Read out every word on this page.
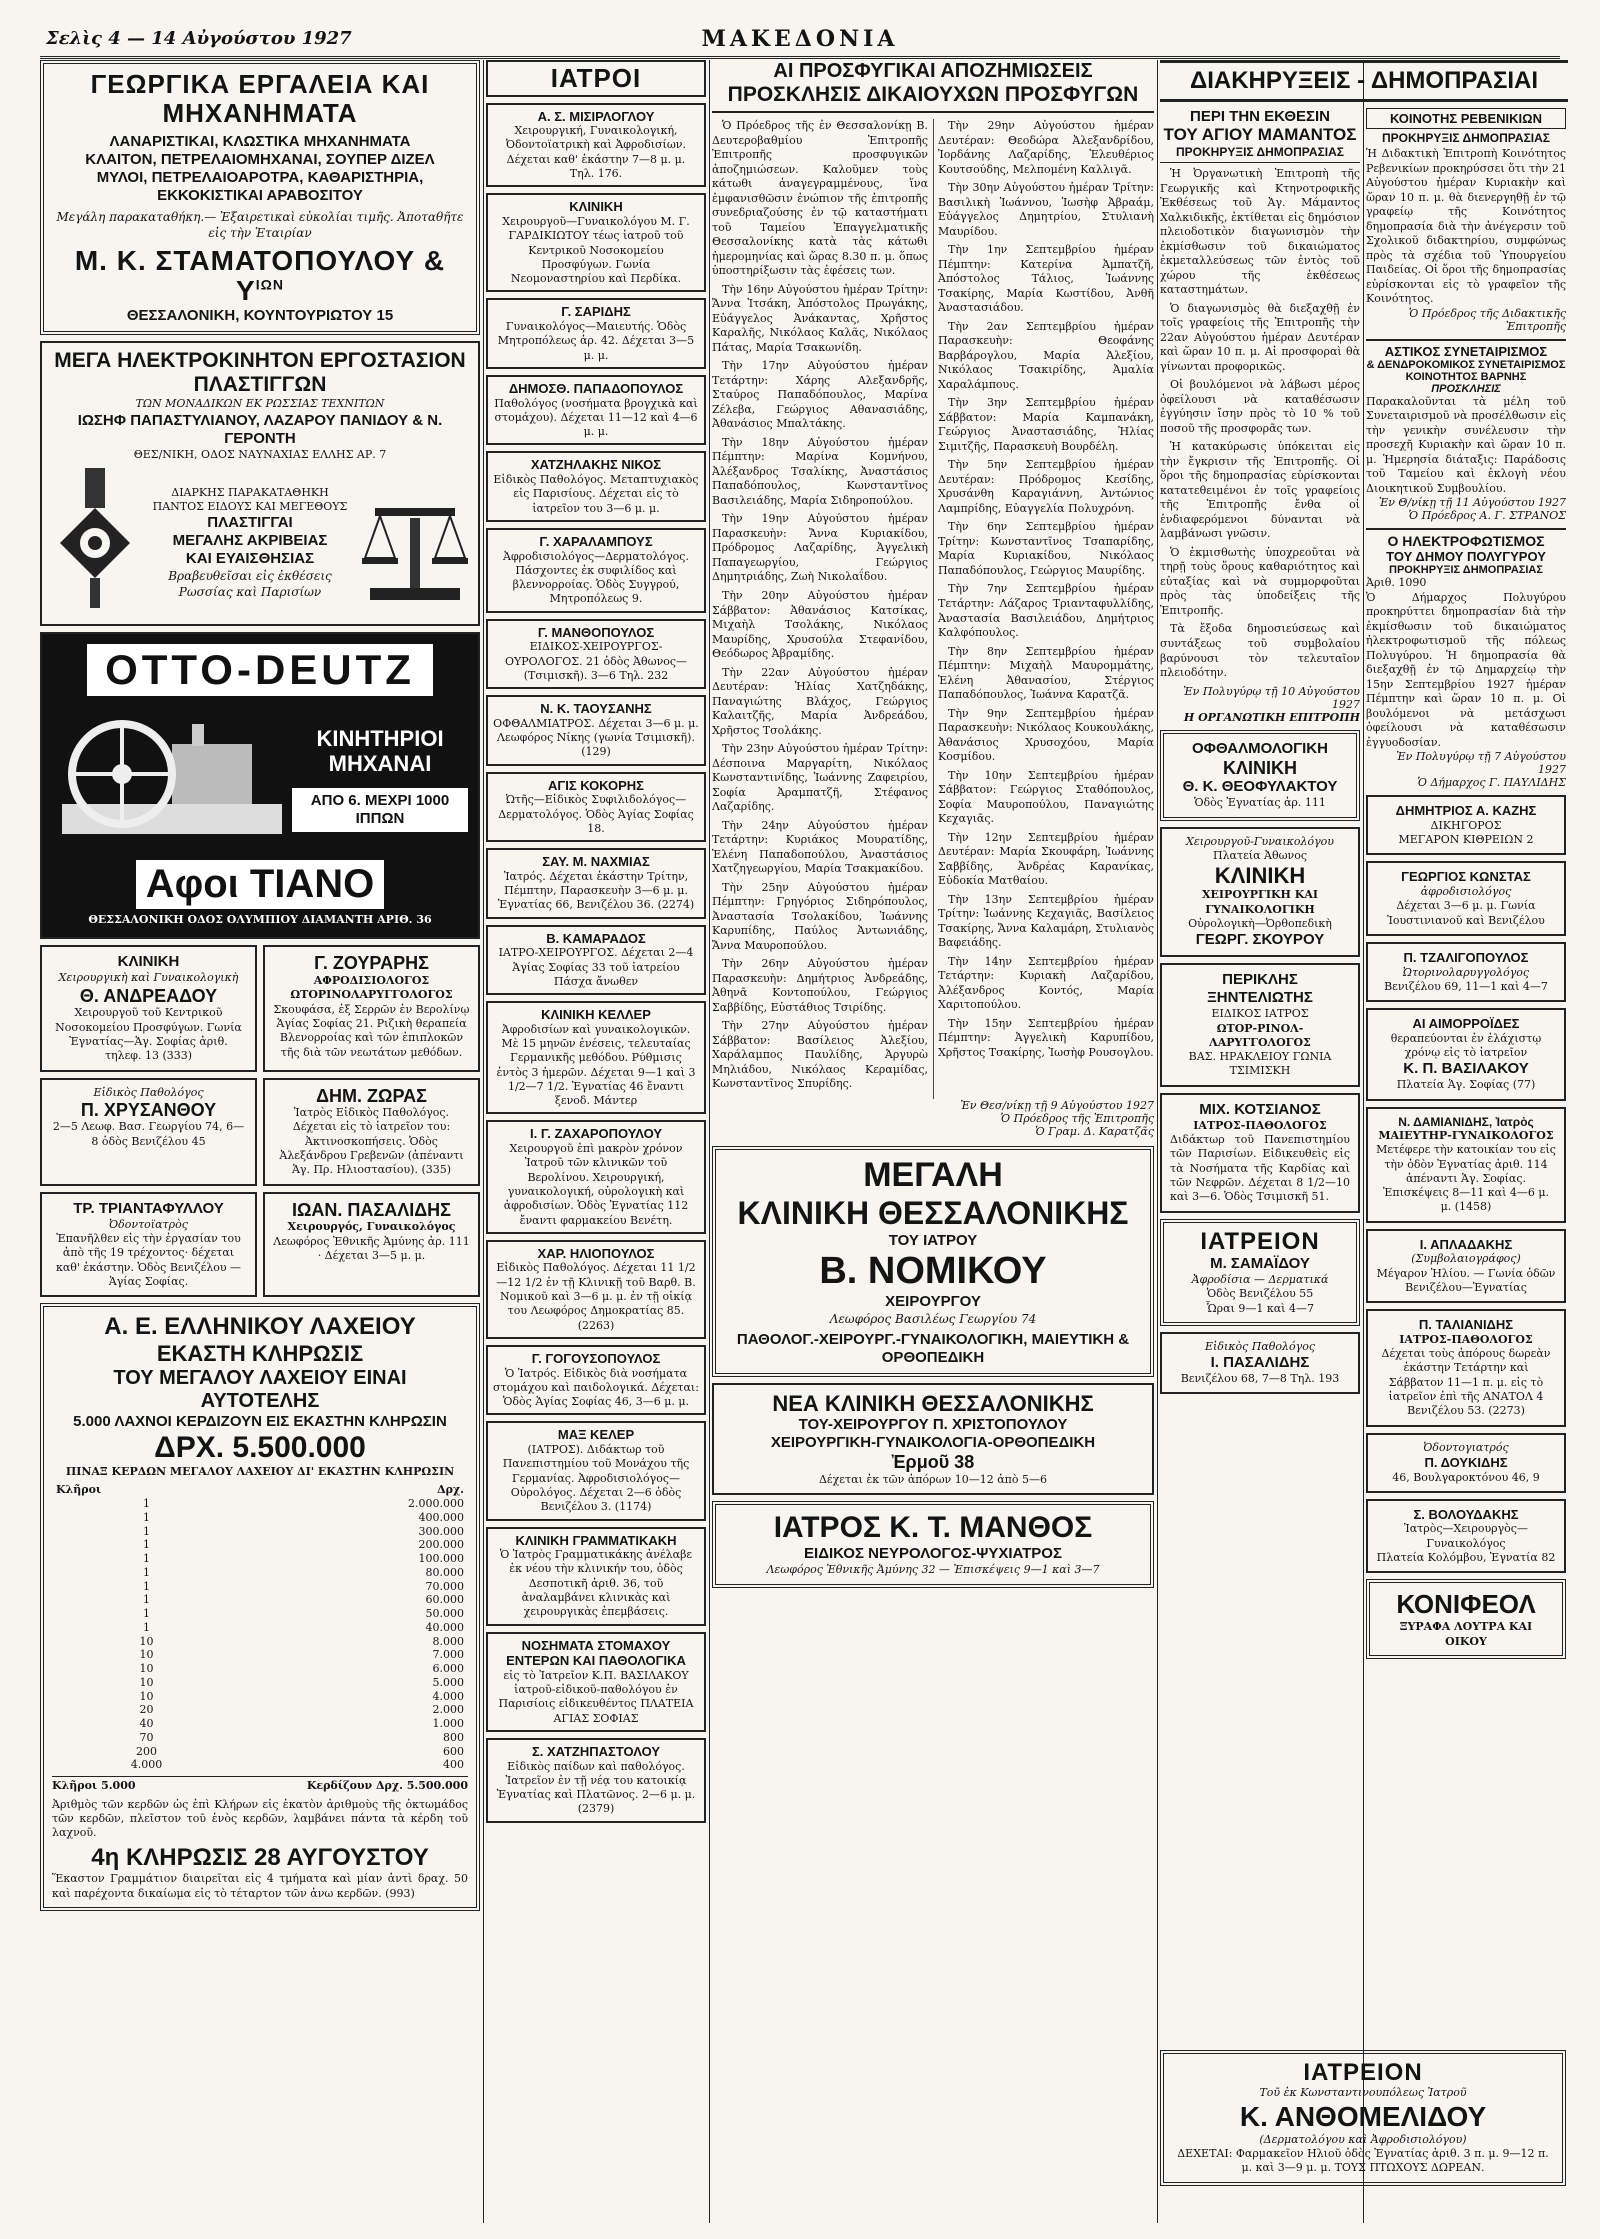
Σελὶς 4 — 14 Αὐγούστου 1927	ΜΑΚΕΔΟΝΙΑ
ΓΕΩΡΓΙΚΑ ΕΡΓΑΛΕΙΑ ΚΑΙ ΜΗΧΑΝΗΜΑΤΑ
ΛΑΝΑΡΙΣΤΙΚΑΙ, ΚΛΩΣΤΙΚΑ ΜΗΧΑΝΗΜΑΤΑ
ΚΛΑΙΤΟΝ, ΠΕΤΡΕΛΑΙΟΜΗΧΑΝΑΙ, ΣΟΥΠΕΡ ΔΙΖΕΛ
ΜΥΛΟΙ, ΠΕΤΡΕΛΑΙΟΑΡΟΤΡΑ, ΚΑΘΑΡΙΣΤΗΡΙΑ,
ΕΚΚΟΚΙΣΤΙΚΑΙ ΑΡΑΒΟΣΙΤΟΥ
Μεγάλη παρακαταθήκη.— Ἐξαιρετικαὶ εὐκολίαι τιμῆς. Ἀποταθῆτε εἰς τὴν Ἑταιρίαν
Μ. Κ. ΣΤΑΜΑΤΟΠΟΥΛΟΥ & $\Upsilon^{I\Omega N}$
ΘΕΣΣΑΛΟΝΙΚΗ, ΚΟΥΝΤΟΥΡΙΩΤΟΥ 15
ΜΕΓΑ ΗΛΕΚΤΡΟΚΙΝΗΤΟΝ ΕΡΓΟΣΤΑΣΙΟΝ ΠΛΑΣΤΙΓΓΩΝ
ΤΩΝ ΜΟΝΑΔΙΚΩΝ ΕΚ ΡΩΣΣΙΑΣ ΤΕΧΝΙΤΩΝ
ΙΩΣΗΦ ΠΑΠΑΣΤΥΛΙΑΝΟΥ, ΛΑΖΑΡΟΥ ΠΑΝΙΔΟΥ & Ν. ΓΕΡΟΝΤΗ
ΘΕΣ/ΝΙΚΗ, ΟΔΟΣ ΝΑΥΝΑΧΙΑΣ ΕΛΛΗΣ ΑΡ. 7
ΔΙΑΡΚΗΣ ΠΑΡΑΚΑΤΑΘΗΚΗ
ΠΑΝΤΟΣ ΕΙΔΟΥΣ ΚΑΙ ΜΕΓΕΘΟΥΣ
ΠΛΑΣΤΙΓΓΑΙ
ΜΕΓΑΛΗΣ ΑΚΡΙΒΕΙΑΣ
ΚΑΙ ΕΥΑΙΣΘΗΣΙΑΣ
Βραβευθεῖσαι εἰς ἐκθέσεις Ρωσσίας καὶ Παρισίων
OTTO-DEUTZ
ΚΙΝΗΤΗΡΙΟΙ
ΜΗΧΑΝΑΙ
ΑΠΟ 6. ΜΕΧΡΙ 1000 ΙΠΠΩΝ
Αφοι ΤΙΑΝΟ
ΘΕΣΣΑΛΟΝΙΚΗ ΟΔΟΣ ΟΛΥΜΠΙΟΥ ΔΙΑΜΑΝΤΗ ΑΡΙΘ. 36
ΚΛΙΝΙΚΗ
Χειρουργικὴ καὶ Γυναικολογικὴ
Θ. ΑΝΔΡΕΑΔΟΥ
Χειρουργοῦ τοῦ Κεντρικοῦ Νοσοκομείου Προσφύγων. Γωνία Ἐγνατίας—Ἁγ. Σοφίας ἀριθ. τηλεφ. 13 (333)
Γ. ΖΟΥΡΑΡΗΣ
ΑΦΡΟΔΙΣΙΟΛΟΓΟΣ ΩΤΟΡΙΝΟΛΑΡΥΓΓΟΛΟΓΟΣ
Σκουφάσα, ἐξ Σερρῶν ἐν Βερολίνῳ Ἁγίας Σοφίας 21. Ριζικὴ θεραπεία Βλενορροίας καὶ τῶν ἐπιπλοκῶν τῆς διὰ τῶν νεωτάτων μεθόδων.
Εἰδικὸς Παθολόγος
Π. ΧΡΥΣΑΝΘΟΥ
2—5 Λεωφ. Βασ. Γεωργίου 74, 6—8 ὁδὸς Βενιζέλου 45
ΔΗΜ. ΖΩΡΑΣ
Ἰατρὸς Εἰδικὸς Παθολόγος. Δέχεται εἰς τὸ ἰατρεῖον του: Ἀκτινοσκοπήσεις. Ὁδὸς Ἀλεξάνδρου Γρεβενῶν (ἀπέναντι Ἁγ. Πρ. Ηλιοστασίου). (335)
ΤΡ. ΤΡΙΑΝΤΑΦΥΛΛΟΥ
Ὀδοντοϊατρὸς
Ἐπανῆλθεν εἰς τὴν ἐργασίαν του ἀπὸ τῆς 19 τρέχοντος· δέχεται καθ' ἑκάστην. Ὁδὸς Βενιζέλου — Ἁγίας Σοφίας.
ΙΩΑΝ. ΠΑΣΑΛΙΔΗΣ
Χειρουργός, Γυναικολόγος
Λεωφόρος Ἐθνικῆς Ἀμύνης ἀρ. 111 · Δέχεται 3—5 μ. μ.
Α. Ε. ΕΛΛΗΝΙΚΟΥ ΛΑΧΕΙΟΥ
ΕΚΑΣΤΗ ΚΛΗΡΩΣΙΣ
ΤΟΥ ΜΕΓΑΛΟΥ ΛΑΧΕΙΟΥ ΕΙΝΑΙ ΑΥΤΟΤΕΛΗΣ
5.000 ΛΑΧΝΟΙ ΚΕΡΔΙΖΟΥΝ ΕΙΣ ΕΚΑΣΤΗΝ ΚΛΗΡΩΣΙΝ
ΔΡΧ. 5.500.000
ΠΙΝΑΞ ΚΕΡΔΩΝ ΜΕΓΑΛΟΥ ΛΑΧΕΙΟΥ ΔΙ' ΕΚΑΣΤΗΝ ΚΛΗΡΩΣΙΝ
Κλῆροι	Δρχ.
1	2.000.000
1	400.000
1	300.000
1	200.000
1	100.000
1	80.000
1	70.000
1	60.000
1	50.000
1	40.000
10	8.000
10	7.000
10	6.000
10	5.000
10	4.000
20	2.000
40	1.000
70	800
200	600
4.000	400
Κλῆροι 5.000	Κερδίζουν Δρχ. 5.500.000
Ἀριθμὸς τῶν κερδῶν ὡς ἐπὶ Κλήρων εἰς ἑκατὸν ἀριθμοὺς τῆς ὀκτωμάδος τῶν κερδῶν, πλεῖστον τοῦ ἑνὸς κερδῶν, λαμβάνει πάντα τὰ κέρδη τοῦ λαχνοῦ.
4η ΚΛΗΡΩΣΙΣ 28 ΑΥΓΟΥΣΤΟΥ
Ἕκαστον Γραμμάτιον διαιρεῖται εἰς 4 τμήματα καὶ μίαν ἀντὶ δραχ. 50 καὶ παρέχοντα δικαίωμα εἰς τὸ τέταρτον τῶν ἀνω κερδῶν. (993)
ΙΑΤΡΟΙ
Α. Σ. ΜΙΣΙΡΛΟΓΛΟΥ
Χειρουργική, Γυναικολογική, Ὀδοντοϊατρικὴ καὶ Ἀφροδισίων. Δέχεται καθ' ἑκάστην 7—8 μ. μ. Τηλ. 176.
ΚΛΙΝΙΚΗ
Χειρουργοῦ—Γυναικολόγου Μ. Γ. ΓΑΡΔΙΚΙΩΤΟΥ τέως ἰατροῦ τοῦ Κεντρικοῦ Νοσοκομείου Προσφύγων. Γωνία Νεομοναστηρίου καὶ Περδίκα.
Γ. ΣΑΡΙΔΗΣ
Γυναικολόγος—Μαιευτής. Ὁδὸς Μητροπόλεως ἀρ. 42. Δέχεται 3—5 μ. μ.
ΔΗΜΟΣΘ. ΠΑΠΑΔΟΠΟΥΛΟΣ
Παθολόγος (νοσήματα βρογχικὰ καὶ στομάχου). Δέχεται 11—12 καὶ 4—6 μ. μ.
ΧΑΤΖΗΛΑΚΗΣ ΝΙΚΟΣ
Εἰδικὸς Παθολόγος. Μεταπτυχιακὸς εἰς Παρισίους. Δέχεται εἰς τὸ ἰατρεῖον του 3—6 μ. μ.
Γ. ΧΑΡΑΛΑΜΠΟΥΣ
Ἀφροδισιολόγος—Δερματολόγος. Πάσχοντες ἐκ συφιλίδος καὶ βλεννορροίας. Ὁδὸς Συγγρού, Μητροπόλεως 9.
Γ. ΜΑΝΘΟΠΟΥΛΟΣ
ΕΙΔΙΚΟΣ-ΧΕΙΡΟΥΡΓΟΣ-ΟΥΡΟΛΟΓΟΣ. 21 ὁδὸς Ἀθωνος—(Τσιμισκῆ). 3—6 Τηλ. 232
Ν. Κ. ΤΑΟΥΣΑΝΗΣ
ΟΦΘΑΛΜΙΑΤΡΟΣ. Δέχεται 3—6 μ. μ. Λεωφόρος Νίκης (γωνία Τσιμισκῆ). (129)
ΑΓΙΣ ΚΟΚΟΡΗΣ
Ὠτῆς—Εἰδικὸς Συφιλιδολόγος—Δερματολόγος. Ὁδὸς Ἁγίας Σοφίας 18.
ΣΑΥ. Μ. ΝΑΧΜΙΑΣ
Ἰατρός. Δέχεται ἑκάστην Τρίτην, Πέμπτην, Παρασκευὴν 3—6 μ. μ. Ἐγνατίας 66, Βενιζέλου 36. (2274)
Β. ΚΑΜΑΡΑΔΟΣ
ΙΑΤΡΟ-ΧΕΙΡΟΥΡΓΟΣ. Δέχεται 2—4 Ἁγίας Σοφίας 33 τοῦ ἰατρείου Πάσχα ἄνωθεν
ΚΛΙΝΙΚΗ ΚΕΛΛΕΡ
Ἀφροδισίων καὶ γυναικολογικῶν. Μὲ 15 μηνῶν ἐνέσεις, τελευταίας Γερμανικῆς μεθόδου. Ρύθμισις ἐντὸς 3 ἡμερῶν. Δέχεται 9—1 καὶ 3 1/2—7 1/2. Ἐγνατίας 46 ἔναντι ξενοδ. Μάντερ
Ι. Γ. ΖΑΧΑΡΟΠΟΥΛΟΥ
Χειρουργοῦ ἐπὶ μακρὸν χρόνον Ἰατροῦ τῶν κλινικῶν τοῦ Βερολίνου. Χειρουργική, γυναικολογική, οὐρολογικὴ καὶ ἀφροδισίων. Ὁδὸς Ἐγνατίας 112 ἔναντι φαρμακείου Βενέτη.
ΧΑΡ. ΗΛΙΟΠΟΥΛΟΣ
Εἰδικὸς Παθολόγος. Δέχεται 11 1/2—12 1/2 ἐν τῇ Κλινικῇ τοῦ Βαρθ. Β. Νομικοῦ καὶ 3—6 μ. μ. ἐν τῇ οἰκίᾳ του Λεωφόρος Δημοκρατίας 85. (2263)
Γ. ΓΟΓΟΥΣΟΠΟΥΛΟΣ
Ὁ Ἰατρός. Εἰδικὸς διὰ νοσήματα στομάχου καὶ παιδολογικά. Δέχεται: Ὁδὸς Ἁγίας Σοφίας 46, 3—6 μ. μ.
ΜΑΞ ΚΕΛΕΡ
(ΙΑΤΡΟΣ). Διδάκτωρ τοῦ Πανεπιστημίου τοῦ Μονάχου τῆς Γερμανίας. Ἀφροδισιολόγος—Οὐρολόγος. Δέχεται 2—6 ὁδὸς Βενιζέλου 3. (1174)
ΚΛΙΝΙΚΗ ΓΡΑΜΜΑΤΙΚΑΚΗ
Ὁ Ἰατρὸς Γραμματικάκης ἀνέλαβε ἐκ νέου τὴν κλινικήν του, ὁδὸς Δεσποτικῆ ἀριθ. 36, τοῦ ἀναλαμβάνει κλινικὰς καὶ χειρουργικὰς ἐπεμβάσεις.
ΝΟΣΗΜΑΤΑ ΣΤΟΜΑΧΟΥ ΕΝΤΕΡΩΝ ΚΑΙ ΠΑΘΟΛΟΓΙΚΑ
εἰς τὸ Ἰατρεῖον Κ.Π. ΒΑΣΙΛΑΚΟΥ ἰατροῦ-εἰδικοῦ-παθολόγου ἐν Παρισίοις εἰδικευθέντος ΠΛΑΤΕΙΑ ΑΓΙΑΣ ΣΟΦΙΑΣ
Σ. ΧΑΤΖΗΠΑΣΤΟΛΟΥ
Εἰδικὸς παίδων καὶ παθολόγος. Ἰατρεῖον ἐν τῇ νέᾳ του κατοικίᾳ Ἐγνατίας καὶ Πλατῶνος. 2—6 μ. μ. (2379)
ΑΙ ΠΡΟΣΦΥΓΙΚΑΙ ΑΠΟΖΗΜΙΩΣΕΙΣ
ΠΡΟΣΚΛΗΣΙΣ ΔΙΚΑΙΟΥΧΩΝ ΠΡΟΣΦΥΓΩΝ

Ὁ Πρόεδρος τῆς ἐν Θεσσαλονίκῃ Β. Δευτεροβαθμίου Ἐπιτροπῆς Ἐπιτροπῆς προσφυγικῶν ἀποζημιώσεων. Καλοῦμεν τοὺς κάτωθι ἀναγεγραμμένους, ἵνα ἐμφανισθῶσιν ἐνώπιον τῆς ἐπιτροπῆς συνεδριαζούσης ἐν τῷ καταστήματι τοῦ Ταμείου Ἐπαγγελματικῆς Θεσσαλονίκης κατὰ τὰς κάτωθι ἡμερομηνίας καὶ ὥρας 8.30 π. μ. ὅπως ὑποστηρίξωσιν τὰς ἐφέσεις των.

Τὴν 16ην Αὐγούστου ἡμέραν Τρίτην: Ἄννα Ἰτσάκη, Ἀπόστολος Πρωγάκης, Εὐάγγελος Ἀνάκαντας, Χρῆστος Καραλῆς, Νικόλαος Καλᾶς, Νικόλαος Πάτας, Μαρία Τσακωνίδη.

Τὴν 17ην Αὐγούστου ἡμέραν Τετάρτην: Χάρης Αλεξανδρῆς, Σταύρος Παπαδόπουλος, Μαρίνα Ζέλεβα, Γεώργιος Αθανασιάδης, Ἀθανάσιος Μπαλτάκης.

Τὴν 18ην Αὐγούστου ἡμέραν Πέμπτην: Μαρίνα Κομνήνου, Ἀλέξανδρος Τσαλίκης, Ἀναστάσιος Παπαδόπουλος, Κωνσταντῖνος Βασιλειάδης, Μαρία Σιδηροπούλου.

Τὴν 19ην Αὐγούστου ἡμέραν Παρασκευὴν: Ἄννα Κυριακίδου, Πρόδρομος Λαζαρίδης, Ἀγγελικὴ Παπαγεωργίου, Γεώργιος Δημητριάδης, Ζωὴ Νικολαΐδου.

Τὴν 20ην Αὐγούστου ἡμέραν Σάββατον: Ἀθανάσιος Κατσίκας, Μιχαὴλ Τσολάκης, Νικόλαος Μαυρίδης, Χρυσούλα Στεφανίδου, Θεόδωρος Ἀβραμίδης.

Τὴν 22αν Αὐγούστου ἡμέραν Δευτέραν: Ἠλίας Χατζηδάκης, Παναγιώτης Βλάχος, Γεώργιος Καλαιτζῆς, Μαρία Ἀνδρεάδου, Χρῆστος Τσολάκης.

Τὴν 23ην Αὐγούστου ἡμέραν Τρίτην: Δέσποινα Μαργαρίτη, Νικόλαος Κωνσταντινίδης, Ἰωάννης Ζαφειρίου, Σοφία Ἀραμπατζῆ, Στέφανος Λαζαρίδης.

Τὴν 24ην Αὐγούστου ἡμέραν Τετάρτην: Κυριάκος Μουρατίδης, Ἑλένη Παπαδοπούλου, Ἀναστάσιος Χατζηγεωργίου, Μαρία Τσακμακίδου.

Τὴν 25ην Αὐγούστου ἡμέραν Πέμπτην: Γρηγόριος Σιδηρόπουλος, Ἀναστασία Τσολακίδου, Ἰωάννης Καρυπίδης, Παύλος Ἀντωνιάδης, Ἄννα Μαυροπούλου.

Τὴν 26ην Αὐγούστου ἡμέραν Παρασκευὴν: Δημήτριος Ἀνδρεάδης, Ἀθηνᾶ Κοντοπούλου, Γεώργιος Σαββίδης, Εὐστάθιος Τσιρίδης.

Τὴν 27ην Αὐγούστου ἡμέραν Σάββατον: Βασίλειος Ἀλεξίου, Χαράλαμπος Παυλίδης, Ἀργυρὼ Μηλιάδου, Νικόλαος Κεραμίδας, Κωνσταντῖνος Σπυρίδης.

Τὴν 29ην Αὐγούστου ἡμέραν Δευτέραν: Θεοδώρα Ἀλεξανδρίδου, Ἰορδάνης Λαζαρίδης, Ἐλευθέριος Κουτσούδης, Μελπομένη Καλλιγᾶ.

Τὴν 30ην Αὐγούστου ἡμέραν Τρίτην: Βασιλικὴ Ἰωάννου, Ἰωσὴφ Ἀβραάμ, Εὐάγγελος Δημητρίου, Στυλιανὴ Μαυρίδου.

Τὴν 1ην Σεπτεμβρίου ἡμέραν Πέμπτην: Κατερίνα Ἀμπατζῆ, Ἀπόστολος Τάλιος, Ἰωάννης Τσακίρης, Μαρία Κωστίδου, Ἀνθῆ Ἀναστασιάδου.

Τὴν 2αν Σεπτεμβρίου ἡμέραν Παρασκευὴν: Θεοφάνης Βαρβάρογλου, Μαρία Ἀλεξίου, Νικόλαος Τσακιρίδης, Ἀμαλία Χαραλάμπους.

Τὴν 3ην Σεπτεμβρίου ἡμέραν Σάββατον: Μαρία Καμπανάκη, Γεώργιος Ἀναστασιάδης, Ἠλίας Σιμιτζῆς, Παρασκευὴ Βουρδέλη.

Τὴν 5ην Σεπτεμβρίου ἡμέραν Δευτέραν: Πρόδρομος Κεσίδης, Χρυσάνθη Καραγιάννη, Ἀντώνιος Λαμπρίδης, Εὐαγγελία Πολυχρόνη.

Τὴν 6ην Σεπτεμβρίου ἡμέραν Τρίτην: Κωνσταντῖνος Τσαπαρίδης, Μαρία Κυριακίδου, Νικόλαος Παπαδόπουλος, Γεώργιος Μαυρίδης.

Τὴν 7ην Σεπτεμβρίου ἡμέραν Τετάρτην: Λάζαρος Τριανταφυλλίδης, Ἀναστασία Βασιλειάδου, Δημήτριος Καλφόπουλος.

Τὴν 8ην Σεπτεμβρίου ἡμέραν Πέμπτην: Μιχαὴλ Μαυρομμάτης, Ἑλένη Ἀθανασίου, Στέργιος Παπαδόπουλος, Ἰωάννα Καρατζᾶ.

Τὴν 9ην Σεπτεμβρίου ἡμέραν Παρασκευὴν: Νικόλαος Κουκουλάκης, Ἀθανάσιος Χρυσοχόου, Μαρία Κοσμίδου.

Τὴν 10ην Σεπτεμβρίου ἡμέραν Σάββατον: Γεώργιος Σταθόπουλος, Σοφία Μαυροπούλου, Παναγιώτης Κεχαγιᾶς.

Τὴν 12ην Σεπτεμβρίου ἡμέραν Δευτέραν: Μαρία Σκουφάρη, Ἰωάννης Σαββίδης, Ἀνδρέας Καρανίκας, Εὐδοκία Ματθαίου.

Τὴν 13ην Σεπτεμβρίου ἡμέραν Τρίτην: Ἰωάννης Κεχαγιᾶς, Βασίλειος Τσακίρης, Ἄννα Καλαμάρη, Στυλιανὸς Βαφειάδης.

Τὴν 14ην Σεπτεμβρίου ἡμέραν Τετάρτην: Κυριακὴ Λαζαρίδου, Ἀλέξανδρος Κοντός, Μαρία Χαριτοπούλου.

Τὴν 15ην Σεπτεμβρίου ἡμέραν Πέμπτην: Ἀγγελικὴ Καρυπίδου, Χρῆστος Τσακίρης, Ἰωσὴφ Ρουσογλου.

Ἐν Θεσ/νίκῃ τῇ 9 Αὐγούστου 1927
Ὁ Πρόεδρος τῆς Ἐπιτροπῆς
Ὁ Γραμ. Δ. Καρατζᾶς
ΜΕΓΑΛΗ
ΚΛΙΝΙΚΗ ΘΕΣΣΑΛΟΝΙΚΗΣ
ΤΟΥ ΙΑΤΡΟΥ
Β. ΝΟΜΙΚΟΥ
ΧΕΙΡΟΥΡΓΟΥ
Λεωφόρος Βασιλέως Γεωργίου 74
ΠΑΘΟΛΟΓ.-ΧΕΙΡΟΥΡΓ.-ΓΥΝΑΙΚΟΛΟΓΙΚΗ, ΜΑΙΕΥΤΙΚΗ & ΟΡΘΟΠΕΔΙΚΗ
ΝΕΑ ΚΛΙΝΙΚΗ ΘΕΣΣΑΛΟΝΙΚΗΣ
ΤΟΥ-ΧΕΙΡΟΥΡΓΟΥ Π. ΧΡΙΣΤΟΠΟΥΛΟΥ
ΧΕΙΡΟΥΡΓΙΚΗ-ΓΥΝΑΙΚΟΛΟΓΙΑ-ΟΡΘΟΠΕΔΙΚΗ
Ἐρμοῦ 38
Δέχεται ἐκ τῶν ἀπόρων 10—12 ἀπὸ 5—6
ΙΑΤΡΟΣ Κ. Τ. ΜΑΝΘΟΣ
ΕΙΔΙΚΟΣ ΝΕΥΡΟΛΟΓΟΣ-ΨΥΧΙΑΤΡΟΣ
Λεωφόρος Ἐθνικῆς Ἀμύνης 32 — Ἐπισκέψεις 9—1 καὶ 3—7
ΔΙΑΚΗΡΥΞΕΙΣ - ΔΗΜΟΠΡΑΣΙΑΙ
ΠΕΡΙ ΤΗΝ ΕΚΘΕΣΙΝ
ΤΟΥ ΑΓΙΟΥ ΜΑΜΑΝΤΟΣ
ΠΡΟΚΗΡΥΞΙΣ ΔΗΜΟΠΡΑΣΙΑΣ

Ἡ Ὀργανωτικὴ Ἐπιτροπὴ τῆς Γεωργικῆς καὶ Κτηνοτροφικῆς Ἐκθέσεως τοῦ Ἁγ. Μάμαντος Χαλκιδικῆς, ἐκτίθεται εἰς δημόσιον πλειοδοτικὸν διαγωνισμὸν τὴν ἐκμίσθωσιν τοῦ δικαιώματος ἐκμεταλλεύσεως τῶν ἐντὸς τοῦ χώρου τῆς ἐκθέσεως καταστημάτων.

Ὁ διαγωνισμὸς θὰ διεξαχθῇ ἐν τοῖς γραφείοις τῆς Ἐπιτροπῆς τὴν 22αν Αὐγούστου ἡμέραν Δευτέραν καὶ ὥραν 10 π. μ. Αἱ προσφοραὶ θὰ γίνωνται προφορικῶς.

Οἱ βουλόμενοι νὰ λάβωσι μέρος ὀφείλουσι νὰ καταθέσωσιν ἐγγύησιν ἴσην πρὸς τὸ 10 % τοῦ ποσοῦ τῆς προσφορᾶς των.

Ἡ κατακύρωσις ὑπόκειται εἰς τὴν ἔγκρισιν τῆς Ἐπιτροπῆς. Οἱ ὅροι τῆς δημοπρασίας εὑρίσκονται κατατεθειμένοι ἐν τοῖς γραφείοις τῆς Ἐπιτροπῆς ἔνθα οἱ ἐνδιαφερόμενοι δύνανται νὰ λαμβάνωσι γνῶσιν.

Ὁ ἐκμισθωτὴς ὑποχρεοῦται νὰ τηρῇ τοὺς ὅρους καθαριότητος καὶ εὐταξίας καὶ νὰ συμμορφοῦται πρὸς τὰς ὑποδείξεις τῆς Ἐπιτροπῆς.

Τὰ ἔξοδα δημοσιεύσεως καὶ συντάξεως τοῦ συμβολαίου βαρύνουσι τὸν τελευταῖον πλειοδότην.

Ἐν Πολυγύρῳ τῇ 10 Αὐγούστου 1927
Η ΟΡΓΑΝΩΤΙΚΗ ΕΠΙΤΡΟΠΗ
ΟΦΘΑΛΜΟΛΟΓΙΚΗ
ΚΛΙΝΙΚΗ
Θ. Κ. ΘΕΟΦΥΛΑΚΤΟΥ
Ὁδὸς Ἐγνατίας ἀρ. 111
Χειρουργοῦ-Γυναικολόγου
Πλατεία Ἀθωνος
ΚΛΙΝΙΚΗ
ΧΕΙΡΟΥΡΓΙΚΗ ΚΑΙ ΓΥΝΑΙΚΟΛΟΓΙΚΗ
Οὐρολογικὴ—Ὀρθοπεδικὴ
ΓΕΩΡΓ. ΣΚΟΥΡΟΥ
ΠΕΡΙΚΛΗΣ ΞΗΝΤΕΛΙΩΤΗΣ
ΕΙΔΙΚΟΣ ΙΑΤΡΟΣ
ΩΤΟΡ-ΡΙΝΟΛ-ΛΑΡΥΓΓΟΛΟΓΟΣ
ΒΑΣ. ΗΡΑΚΛΕΙΟΥ ΓΩΝΙΑ ΤΣΙΜΙΣΚΗ
ΜΙΧ. ΚΟΤΣΙΑΝΟΣ
ΙΑΤΡΟΣ-ΠΑΘΟΛΟΓΟΣ
Διδάκτωρ τοῦ Πανεπιστημίου τῶν Παρισίων. Εἰδικευθεὶς εἰς τὰ Νοσήματα τῆς Καρδίας καὶ τῶν Νεφρῶν. Δέχεται 8 1/2—10 καὶ 3—6. Ὁδὸς Τσιμισκῆ 51.
ΙΑΤΡΕΙΟΝ
Μ. ΣΑΜΑΪΔΟΥ
Ἀφροδίσια — Δερματικά
Ὁδὸς Βενιζέλου 55
Ὧραι 9—1 καὶ 4—7
Εἰδικὸς Παθολόγος
Ι. ΠΑΣΑΛΙΔΗΣ
Βενιζέλου 68, 7—8 Τηλ. 193
ΚΟΙΝΟΤΗΣ ΡΕΒΕΝΙΚΙΩΝ
ΠΡΟΚΗΡΥΞΙΣ ΔΗΜΟΠΡΑΣΙΑΣ
Ἡ Διδακτικὴ Ἐπιτροπὴ Κοινότητος Ρεβενικίων προκηρύσσει ὅτι τὴν 21 Αὐγούστου ἡμέραν Κυριακὴν καὶ ὥραν 10 π. μ. θὰ διενεργηθῇ ἐν τῷ γραφείῳ τῆς Κοινότητος δημοπρασία διὰ τὴν ἀνέγερσιν τοῦ Σχολικοῦ διδακτηρίου, συμφώνως πρὸς τὰ σχέδια τοῦ Ὑπουργείου Παιδείας. Οἱ ὅροι τῆς δημοπρασίας εὑρίσκονται εἰς τὸ γραφεῖον τῆς Κοινότητος.
Ὁ Πρόεδρος τῆς Διδακτικῆς Ἐπιτροπῆς
ΑΣΤΙΚΟΣ ΣΥΝΕΤΑΙΡΙΣΜΟΣ
& ΔΕΝΔΡΟΚΟΜΙΚΟΣ ΣΥΝΕΤΑΙΡΙΣΜΟΣ ΚΟΙΝΟΤΗΤΟΣ ΒΑΡΝΗΣ
ΠΡΟΣΚΛΗΣΙΣ
Παρακαλοῦνται τὰ μέλη τοῦ Συνεταιρισμοῦ νὰ προσέλθωσιν εἰς τὴν γενικὴν συνέλευσιν τὴν προσεχῆ Κυριακὴν καὶ ὥραν 10 π. μ. Ἡμερησία διάταξις: Παράδοσις τοῦ Ταμείου καὶ ἐκλογὴ νέου Διοικητικοῦ Συμβουλίου.
Ἐν Θ/νίκῃ τῇ 11 Αὐγούστου 1927
Ὁ Πρόεδρος Α. Γ. ΣΤΡΑΝΟΣ
Ο ΗΛΕΚΤΡΟΦΩΤΙΣΜΟΣ
ΤΟΥ ΔΗΜΟΥ ΠΟΛΥΓΥΡΟΥ
ΠΡΟΚΗΡΥΞΙΣ ΔΗΜΟΠΡΑΣΙΑΣ
Ἀριθ. 1090
Ὁ Δήμαρχος Πολυγύρου προκηρύττει δημοπρασίαν διὰ τὴν ἐκμίσθωσιν τοῦ δικαιώματος ἠλεκτροφωτισμοῦ τῆς πόλεως Πολυγύρου. Ἡ δημοπρασία θὰ διεξαχθῇ ἐν τῷ Δημαρχείῳ τὴν 15ην Σεπτεμβρίου 1927 ἡμέραν Πέμπτην καὶ ὥραν 10 π. μ. Οἱ βουλόμενοι νὰ μετάσχωσι ὀφείλουσι νὰ καταθέσωσιν ἐγγυοδοσίαν.
Ἐν Πολυγύρῳ τῇ 7 Αὐγούστου 1927
Ὁ Δήμαρχος Γ. ΠΑΥΛΙΔΗΣ
ΔΗΜΗΤΡΙΟΣ Α. ΚΑΖΗΣ
ΔΙΚΗΓΟΡΟΣ
ΜΕΓΑΡΟΝ ΚΙΘΡΕΙΩΝ 2
ΓΕΩΡΓΙΟΣ ΚΩΝΣΤΑΣ
ἀφροδισιολόγος
Δέχεται 3—6 μ. μ. Γωνία Ἰουστινιανοῦ καὶ Βενιζέλου
Π. ΤΖΑΛΙΓΟΠΟΥΛΟΣ
Ὠτορινολαρυγγολόγος
Βενιζέλου 69, 11—1 καὶ 4—7
ΑΙ ΑΙΜΟΡΡΟΪΔΕΣ
θεραπεύονται ἐν ἐλάχιστῳ χρόνῳ εἰς τὸ ἰατρεῖον
Κ. Π. ΒΑΣΙΛΑΚΟΥ
Πλατεία Ἁγ. Σοφίας (77)
Ν. ΔΑΜΙΑΝΙΔΗΣ, Ἰατρὸς
ΜΑΙΕΥΤΗΡ-ΓΥΝΑΙΚΟΛΟΓΟΣ
Μετέφερε τὴν κατοικίαν του εἰς τὴν ὁδὸν Ἐγνατίας ἀριθ. 114 ἀπέναντι Ἁγ. Σοφίας. Ἐπισκέψεις 8—11 καὶ 4—6 μ. μ. (1458)
Ι. ΑΠΛΑΔΑΚΗΣ
(Συμβολαιογράφος)
Μέγαρον Ἠλίου. — Γωνία ὁδῶν Βενιζέλου—Ἐγνατίας
Π. ΤΑΛΙΑΝΙΔΗΣ
ΙΑΤΡΟΣ-ΠΑΘΟΛΟΓΟΣ
Δέχεται τοὺς ἀπόρους δωρεὰν ἑκάστην Τετάρτην καὶ Σάββατον 11—1 π. μ. εἰς τὸ ἰατρεῖον ἐπὶ τῆς ΑΝΑΤΟΛ 4 Βενιζέλου 53. (2273)
Ὀδοντογιατρός
Π. ΔΟΥΚΙΔΗΣ
46, Βουλγαροκτόνου 46, 9
Σ. ΒΟΛΟΥΔΑΚΗΣ
Ἰατρὸς—Χειρουργὸς—Γυναικολόγος
Πλατεία Κολόμβου, Ἐγνατία 82
ΚΟΝΙΦΕΟΛ
ΞΥΡΑΦΑ ΛΟΥΤΡΑ ΚΑΙ ΟΙΚΟΥ
ΙΑΤΡΕΙΟΝ
Τοῦ ἐκ Κωνσταντινουπόλεως Ἰατροῦ
Κ. ΑΝΘΟΜΕΛΙΔΟΥ
(Δερματολόγου καὶ Ἀφροδισιολόγου)
ΔΕΧΕΤΑΙ: Φαρμακεῖον Ηλιοῦ ὁδὸς Ἐγνατίας ἀριθ. 3 π. μ. 9—12 π. μ. καὶ 3—9 μ. μ. ΤΟΥΣ ΠΤΩΧΟΥΣ ΔΩΡΕΑΝ.
